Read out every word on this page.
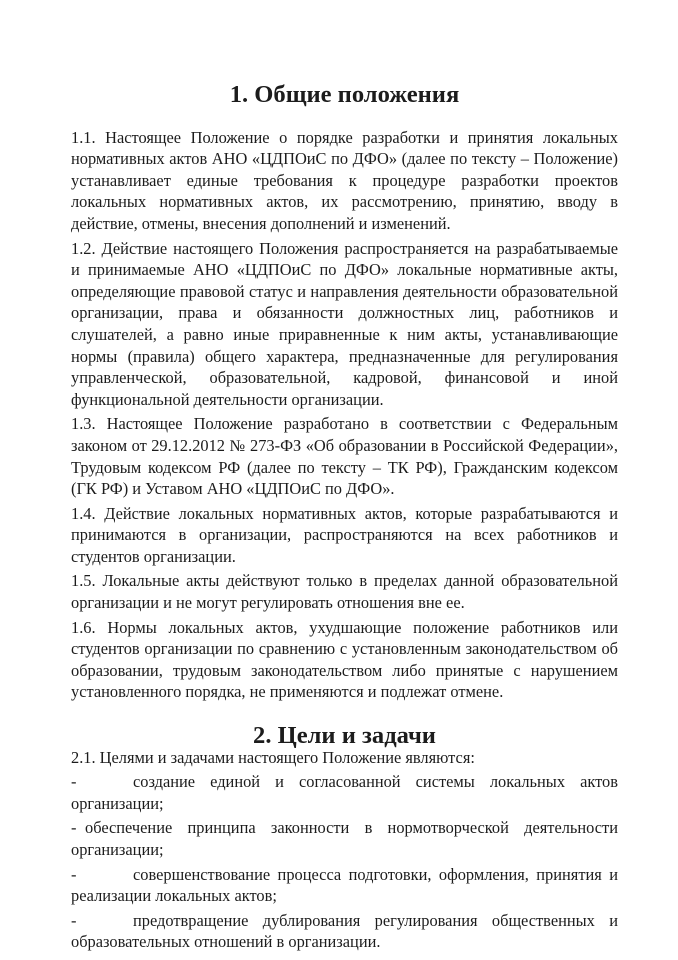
1. Общие положения

1.1. Настоящее Положение о порядке разработки и принятия локальных нормативных актов АНО «ЦДПОиС по ДФО» (далее по тексту – Положение) устанавливает единые требования к процедуре разработки проектов локальных нормативных актов, их рассмотрению, принятию, вводу в действие, отмены, внесения дополнений и изменений.

1.2. Действие настоящего Положения распространяется на разрабатываемые и принимаемые АНО «ЦДПОиС по ДФО» локальные нормативные акты, определяющие правовой статус и направления деятельности образовательной организации, права и обязанности должностных лиц, работников и слушателей, а равно иные приравненные к ним акты, устанавливающие нормы (правила) общего характера, предназначенные для регулирования управленческой, образовательной, кадровой, финансовой и иной функциональной деятельности организации.

1.3. Настоящее Положение разработано в соответствии с Федеральным законом от 29.12.2012 № 273-ФЗ «Об образовании в Российской Федерации», Трудовым кодексом РФ (далее по тексту – ТК РФ), Гражданским кодексом (ГК РФ) и Уставом АНО «ЦДПОиС по ДФО».

1.4. Действие локальных нормативных актов, которые разрабатываются и принимаются в организации, распространяются на всех работников и студентов организации.

1.5. Локальные акты действуют только в пределах данной образовательной организации и не могут регулировать отношения вне ее.

1.6. Нормы локальных актов, ухудшающие положение работников или студентов организации по сравнению с установленным законодательством об образовании, трудовым законодательством либо принятые с нарушением установленного порядка, не применяются и подлежат отмене.

2. Цели и задачи

2.1. Целями и задачами настоящего Положение являются:

-	создание единой и согласованной системы локальных актов организации;
- обеспечение принципа законности в нормотворческой деятельности организации;
-	совершенствование процесса подготовки, оформления, принятия и реализации локальных актов;
-	предотвращение дублирования регулирования общественных и образовательных отношений в организации.
